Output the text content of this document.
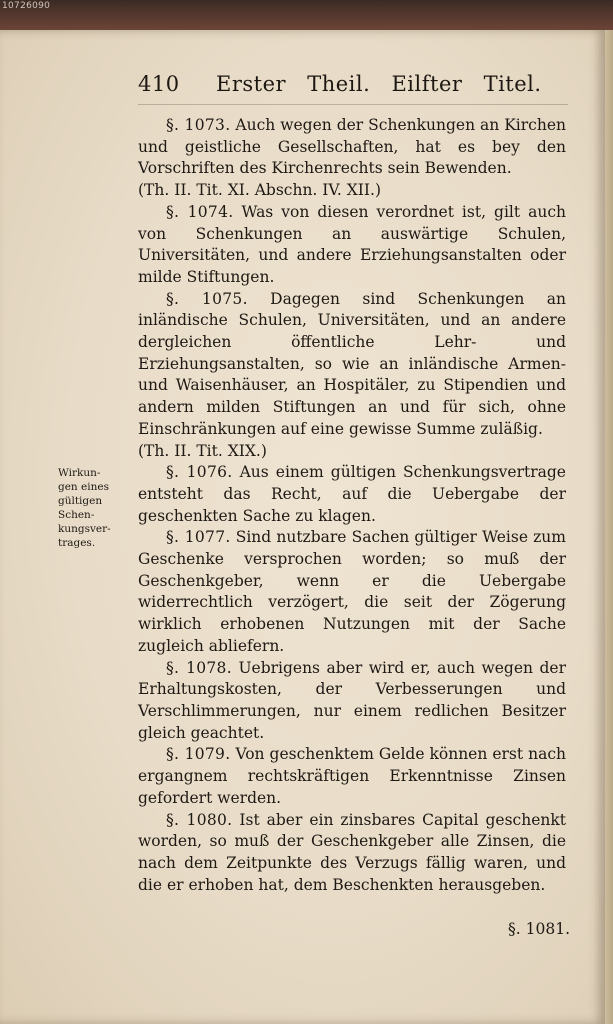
10726090
410 Erster Theil. Eilfter Titel.
Wirkun-
gen eines
gültigen
Schen-
kungsver-
trages.

§. 1073. Auch wegen der Schenkungen an Kirchen und geistliche Gesellschaften, hat es bey den Vorschriften des Kirchenrechts sein Bewenden.

(Th. II. Tit. XI. Abschn. IV. XII.)

§. 1074. Was von diesen verordnet ist, gilt auch von Schenkungen an auswärtige Schulen, Universitäten, und andere Erziehungsanstalten oder milde Stiftungen.

§. 1075. Dagegen sind Schenkungen an inländische Schulen, Universitäten, und an andere dergleichen öffentliche Lehr- und Erziehungsanstalten, so wie an inländische Armen- und Waisenhäuser, an Hospitäler, zu Stipendien und andern milden Stiftungen an und für sich, ohne Einschränkungen auf eine gewisse Summe zuläßig.

(Th. II. Tit. XIX.)

§. 1076. Aus einem gültigen Schenkungsvertrage entsteht das Recht, auf die Uebergabe der geschenkten Sache zu klagen.

§. 1077. Sind nutzbare Sachen gültiger Weise zum Geschenke versprochen worden; so muß der Geschenkgeber, wenn er die Uebergabe widerrechtlich verzögert, die seit der Zögerung wirklich erhobenen Nutzungen mit der Sache zugleich abliefern.

§. 1078. Uebrigens aber wird er, auch wegen der Erhaltungskosten, der Verbesserungen und Verschlimmerungen, nur einem redlichen Besitzer gleich geachtet.

§. 1079. Von geschenktem Gelde können erst nach ergangnem rechtskräftigen Erkenntnisse Zinsen gefordert werden.

§. 1080. Ist aber ein zinsbares Capital geschenkt worden, so muß der Geschenkgeber alle Zinsen, die nach dem Zeitpunkte des Verzugs fällig waren, und die er erhoben hat, dem Beschenkten herausgeben.

§. 1081.
